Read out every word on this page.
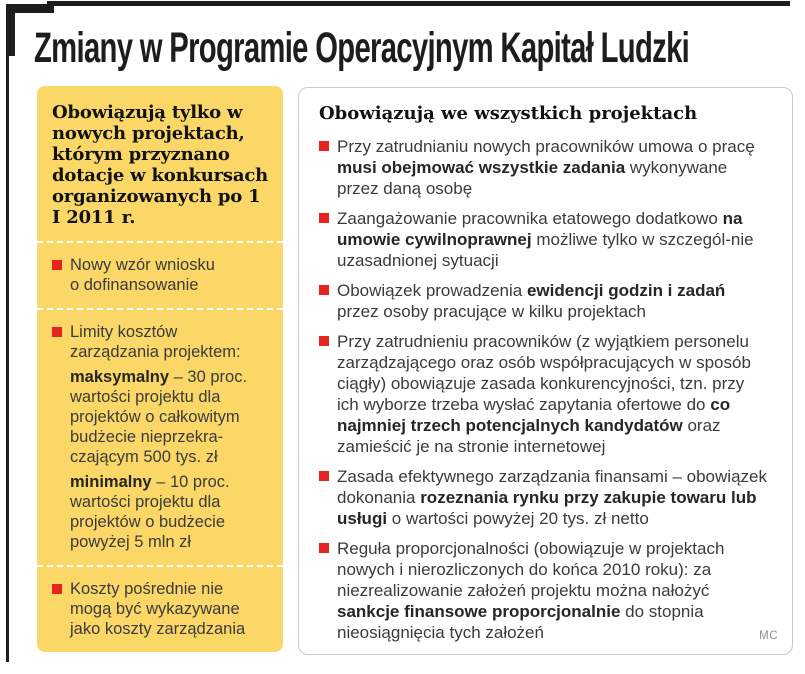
Zmiany w Programie Operacyjnym Kapitał Ludzki
Obowiązują tylko w nowych projektach, którym przyznano dotacje w konkursach organizowanych po 1 I 2011 r.
Nowy wzór wniosku o dofinansowanie
Limity kosztów zarządzania projektem:

maksymalny – 30 proc. wartości projektu dla projektów o całkowitym budżecie nieprzekra-czającym 500 tys. zł

minimalny – 10 proc. wartości projektu dla projektów o budżecie powyżej 5 mln zł

Koszty pośrednie nie mogą być wykazywane jako koszty zarządzania
Obowiązują we wszystkich projektach
Przy zatrudnianiu nowych pracowników umowa o pracę musi obejmować wszystkie zadania wykonywane przez daną osobę
Zaangażowanie pracownika etatowego dodatkowo na umowie cywilnoprawnej możliwe tylko w szczegól-nie uzasadnionej sytuacji
Obowiązek prowadzenia ewidencji godzin i zadań przez osoby pracujące w kilku projektach
Przy zatrudnieniu pracowników (z wyjątkiem personelu zarządzającego oraz osób współpracujących w sposób ciągły) obowiązuje zasada konkurencyjności, tzn. przy ich wyborze trzeba wysłać zapytania ofertowe do co najmniej trzech potencjalnych kandydatów oraz zamieścić je na stronie internetowej
Zasada efektywnego zarządzania finansami – obowiązek dokonania rozeznania rynku przy zakupie towaru lub usługi o wartości powyżej 20 tys. zł netto
Reguła proporcjonalności (obowiązuje w projektach nowych i nierozliczonych do końca 2010 roku): za niezrealizowanie założeń projektu można nałożyć sankcje finansowe proporcjonalnie do stopnia nieosiągnięcia tych założeń	MC
